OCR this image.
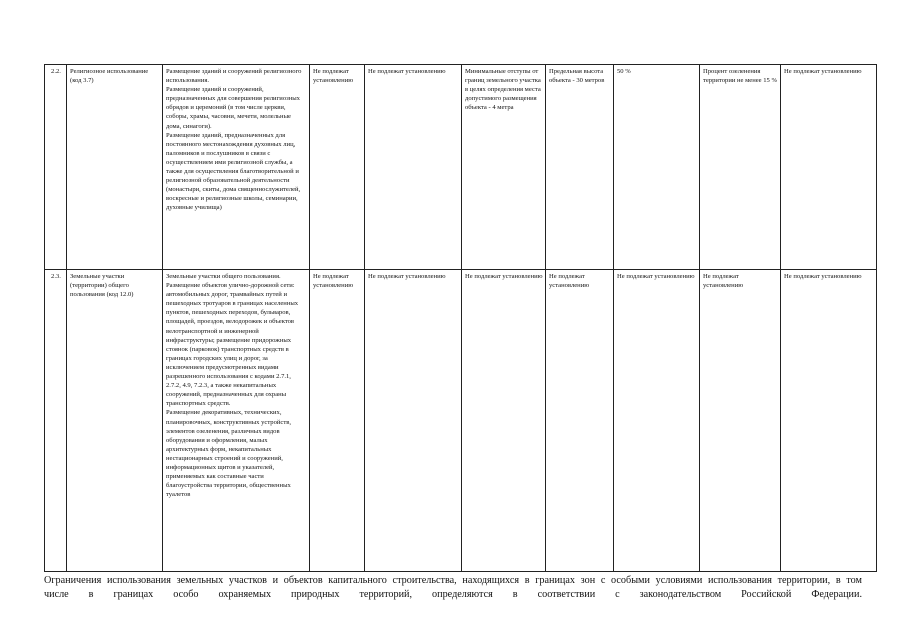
2.2.	Религиозное использование (код 3.7)	Размещение зданий и сооружений религиозного использования.
Размещение зданий и сооружений, предназначенных для совершения религиозных обрядов и церемоний (в том числе церкви, соборы, храмы, часовни, мечети, молельные дома, синагоги).
Размещение зданий, предназначенных для постоянного местонахождения духовных лиц, паломников и послушников в связи с осуществлением ими религиозной службы, а также для осуществления благотворительной и религиозной образовательной деятельности (монастыри, скиты, дома священнослужителей, воскресные и религиозные школы, семинарии, духовные училища)	Не подлежат установлению	Не подлежат установлению	Минимальные отступы от границ земельного участка в целях определения места допустимого размещения объекта - 4 метра	Предельная высота объекта - 30 метров	50 %	Процент озеленения территории не менее 15 %	Не подлежат установлению
2.3.	Земельные участки (территории) общего пользования (код 12.0)	Земельные участки общего пользования.
Размещение объектов улично-дорожной сети: автомобильных дорог, трамвайных путей и пешеходных тротуаров в границах населенных пунктов, пешеходных переходов, бульваров, площадей, проездов, велодорожек и объектов велотранспортной и инженерной инфраструктуры; размещение придорожных стоянок (парковок) транспортных средств в границах городских улиц и дорог, за исключением предусмотренных видами разрешенного использования с кодами 2.7.1, 2.7.2, 4.9, 7.2.3, а также некапитальных сооружений, предназначенных для охраны транспортных средств.
Размещение декоративных, технических, планировочных, конструктивных устройств, элементов озеленения, различных видов оборудования и оформления, малых архитектурных форм, некапитальных нестационарных строений и сооружений, информационных щитов и указателей, применяемых как составные части благоустройства территории, общественных туалетов	Не подлежат установлению	Не подлежат установлению	Не подлежат установлению	Не подлежат установлению	Не подлежат установлению	Не подлежат установлению	Не подлежат установлению
Ограничения использования земельных участков и объектов капитального строительства, находящихся в границах зон с особыми условиями использования территории, в том
числе в границах особо охраняемых природных территорий, определяются в соответствии с законодательством Российской Федерации.
